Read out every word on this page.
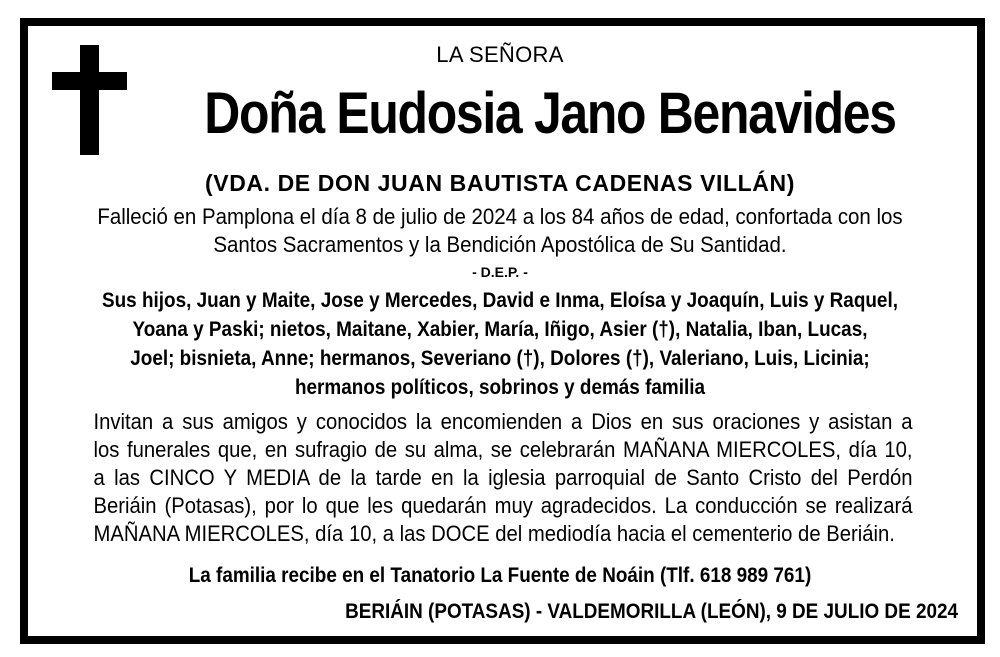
LA SEÑORA
Doña Eudosia Jano Benavides
(VDA. DE DON JUAN BAUTISTA CADENAS VILLÁN)
Falleció en Pamplona el día 8 de julio de 2024 a los 84 años de edad, confortada con los
Santos Sacramentos y la Bendición Apostólica de Su Santidad.
- D.E.P. -
Sus hijos, Juan y Maite, Jose y Mercedes, David e Inma, Eloísa y Joaquín, Luis y Raquel,
Yoana y Paski; nietos, Maitane, Xabier, María, Iñigo, Asier (†), Natalia, Iban, Lucas,
Joel; bisnieta, Anne; hermanos, Severiano (†), Dolores (†), Valeriano, Luis, Licinia;
hermanos políticos, sobrinos y demás familia
Invitan a sus amigos y conocidos la encomienden a Dios en sus oraciones y asistan a
los funerales que, en sufragio de su alma, se celebrarán MAÑANA MIERCOLES, día 10,
a las CINCO Y MEDIA de la tarde en la iglesia parroquial de Santo Cristo del Perdón
Beriáin (Potasas), por lo que les quedarán muy agradecidos. La conducción se realizará
MAÑANA MIERCOLES, día 10, a las DOCE del mediodía hacia el cementerio de Beriáin.
La familia recibe en el Tanatorio La Fuente de Noáin (Tlf. 618 989 761)
BERIÁIN (POTASAS) - VALDEMORILLA (LEÓN), 9 DE JULIO DE 2024
